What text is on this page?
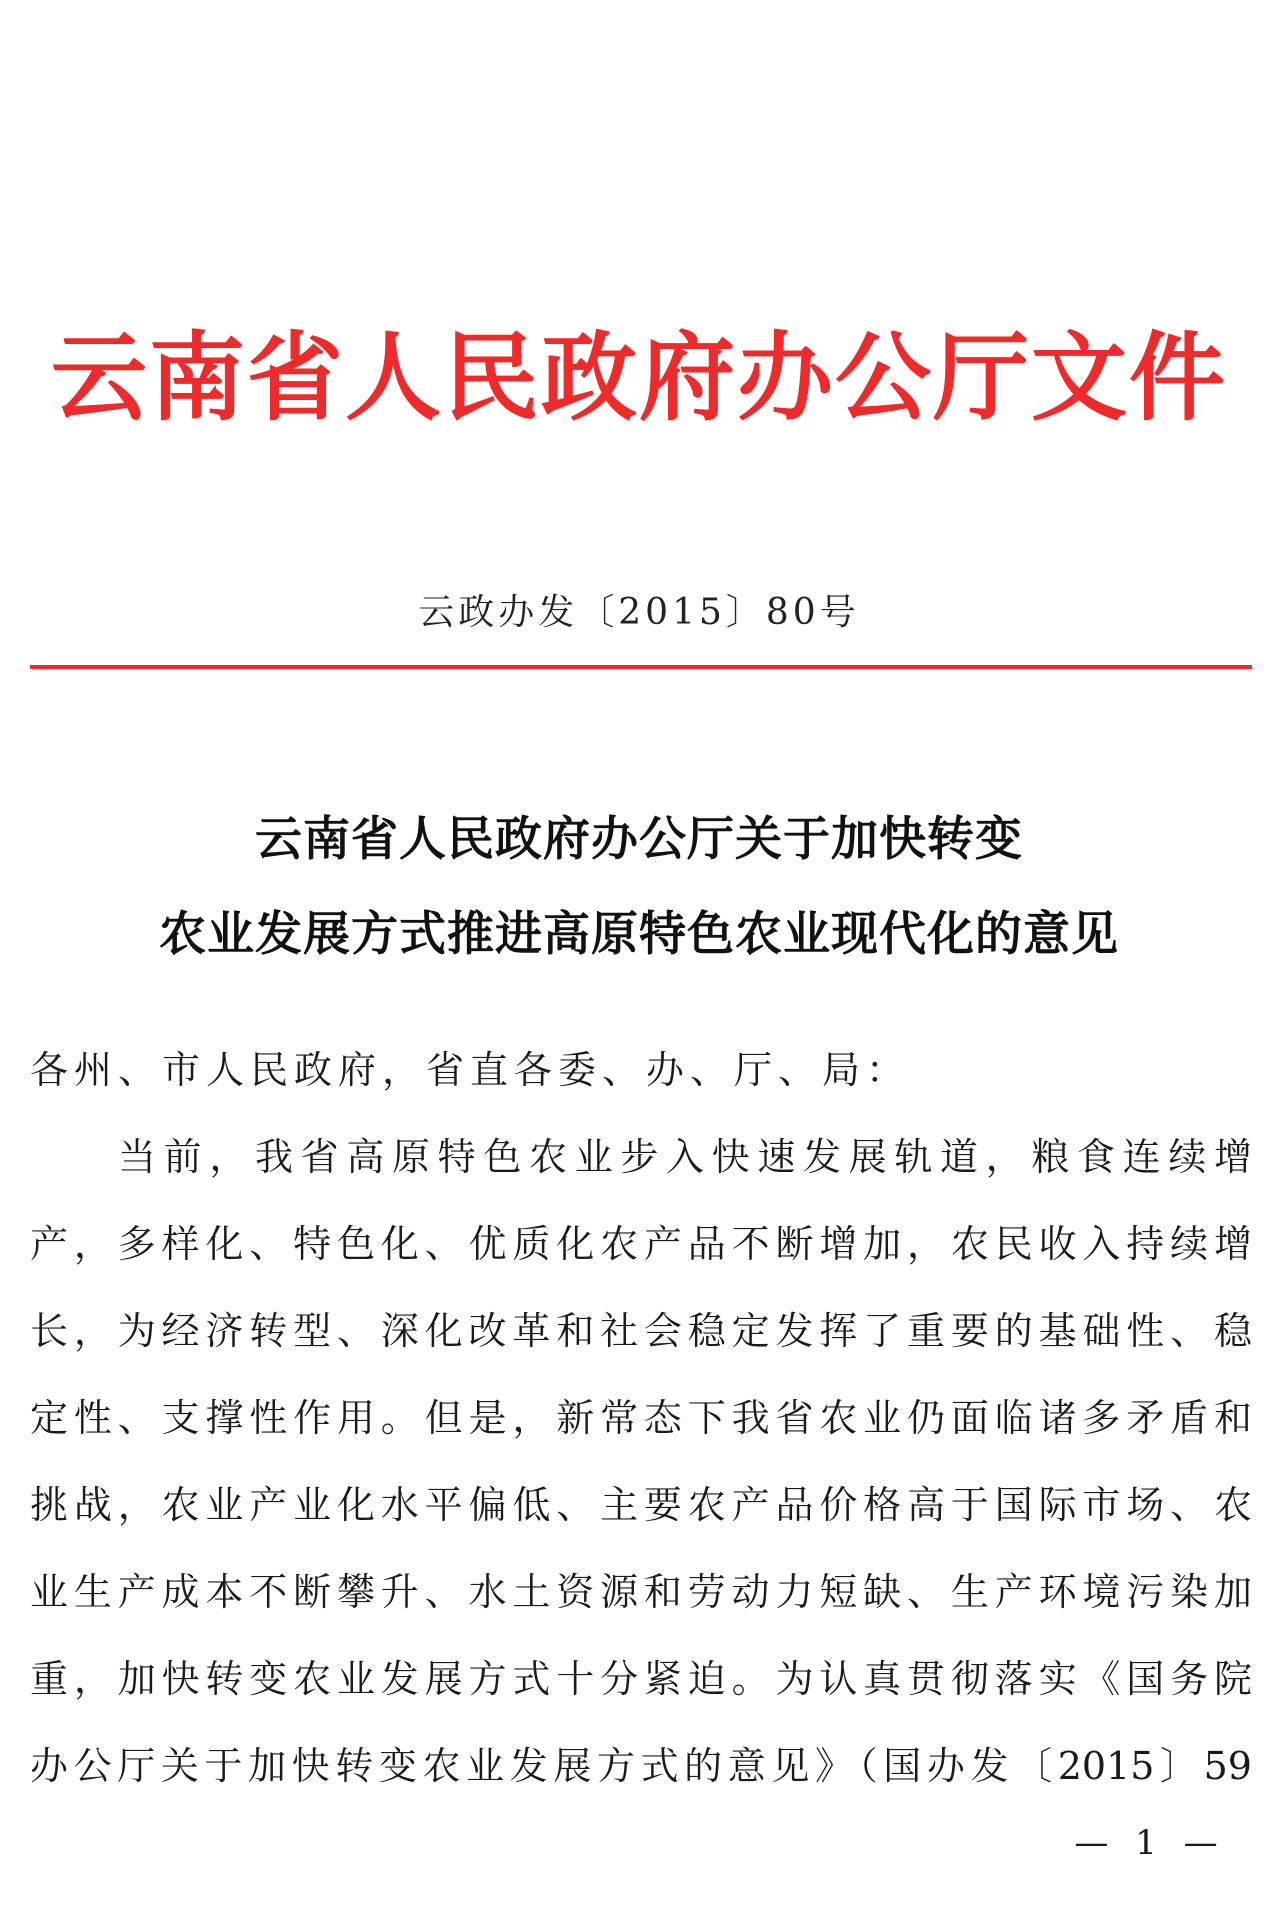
云南省人民政府办公厅文件
云政办发〔2015〕80号
云南省人民政府办公厅关于加快转变
农业发展方式推进高原特色农业现代化的意见
各州、市人民政府，省直各委、办、厅、局：
当前，我省高原特色农业步入快速发展轨道，粮食连续增
产，多样化、特色化、优质化农产品不断增加，农民收入持续增
长，为经济转型、深化改革和社会稳定发挥了重要的基础性、稳
定性、支撑性作用。但是，新常态下我省农业仍面临诸多矛盾和
挑战，农业产业化水平偏低、主要农产品价格高于国际市场、农
业生产成本不断攀升、水土资源和劳动力短缺、生产环境污染加
重，加快转变农业发展方式十分紧迫。为认真贯彻落实《国务院
办公厅关于加快转变农业发展方式的意见》（国办发〔2015〕59
— 1 —
